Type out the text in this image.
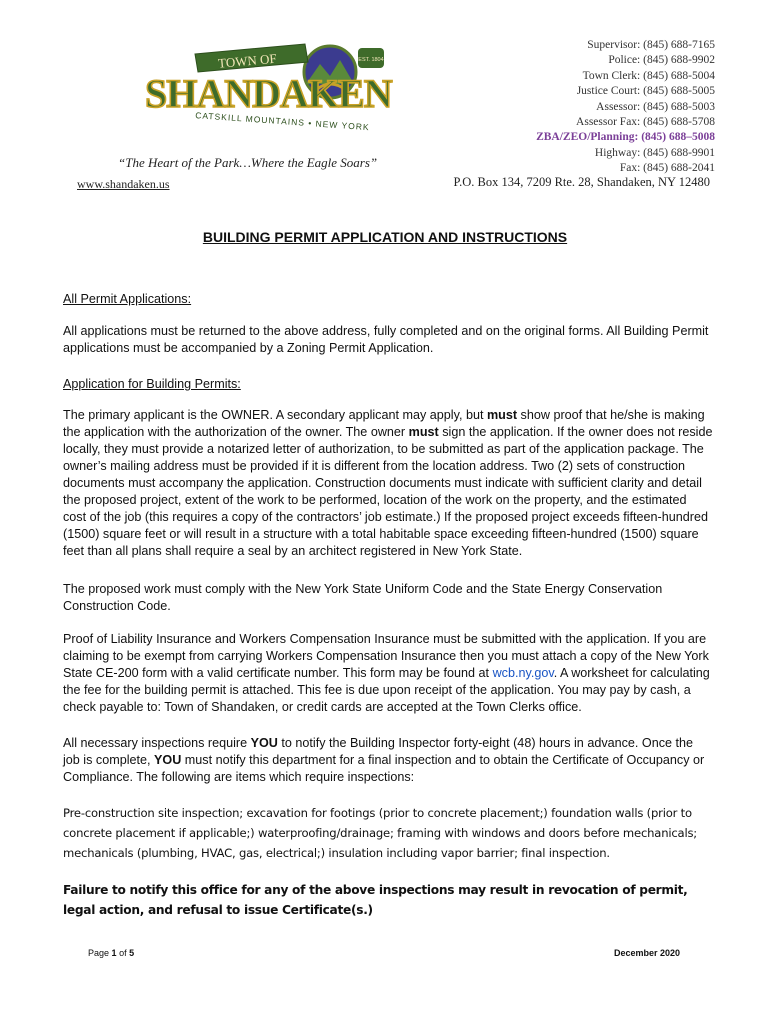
TOWN OF	EST. 1804
SHANDAKEN
CATSKILL MOUNTAINS • NEW YORK
Supervisor: (845) 688-7165
Police: (845) 688-9902
Town Clerk: (845) 688-5004
Justice Court: (845) 688-5005
Assessor: (845) 688-5003
Assessor Fax: (845) 688-5708
ZBA/ZEO/Planning: (845) 688–5008
Highway: (845) 688-9901
Fax: (845) 688-2041
“The Heart of the Park…Where the Eagle Soars”
www.shandaken.us	P.O. Box 134, 7209 Rte. 28, Shandaken, NY 12480
BUILDING PERMIT APPLICATION AND INSTRUCTIONS
All Permit Applications:
All applications must be returned to the above address, fully completed and on the original forms. All Building Permit applications must be accompanied by a Zoning Permit Application.
Application for Building Permits:
The primary applicant is the OWNER. A secondary applicant may apply, but must show proof that he/she is making the application with the authorization of the owner. The owner must sign the application. If the owner does not reside locally, they must provide a notarized letter of authorization, to be submitted as part of the application package. The owner’s mailing address must be provided if it is different from the location address. Two (2) sets of construction documents must accompany the application. Construction documents must indicate with sufficient clarity and detail the proposed project, extent of the work to be performed, location of the work on the property, and the estimated cost of the job (this requires a copy of the contractors’ job estimate.) If the proposed project exceeds fifteen-hundred (1500) square feet or will result in a structure with a total habitable space exceeding fifteen-hundred (1500) square feet than all plans shall require a seal by an architect registered in New York State.
The proposed work must comply with the New York State Uniform Code and the State Energy Conservation Construction Code.
Proof of Liability Insurance and Workers Compensation Insurance must be submitted with the application. If you are claiming to be exempt from carrying Workers Compensation Insurance then you must attach a copy of the New York State CE-200 form with a valid certificate number. This form may be found at wcb.ny.gov. A worksheet for calculating the fee for the building permit is attached. This fee is due upon receipt of the application. You may pay by cash, a check payable to: Town of Shandaken, or credit cards are accepted at the Town Clerks office.
All necessary inspections require YOU to notify the Building Inspector forty-eight (48) hours in advance. Once the job is complete, YOU must notify this department for a final inspection and to obtain the Certificate of Occupancy or Compliance. The following are items which require inspections:
Pre-construction site inspection; excavation for footings (prior to concrete placement;) foundation walls (prior to concrete placement if applicable;) waterproofing/drainage; framing with windows and doors before mechanicals; mechanicals (plumbing, HVAC, gas, electrical;) insulation including vapor barrier; final inspection.
Failure to notify this office for any of the above inspections may result in revocation of permit, legal action, and refusal to issue Certificate(s.)
Page 1 of 5	December 2020
